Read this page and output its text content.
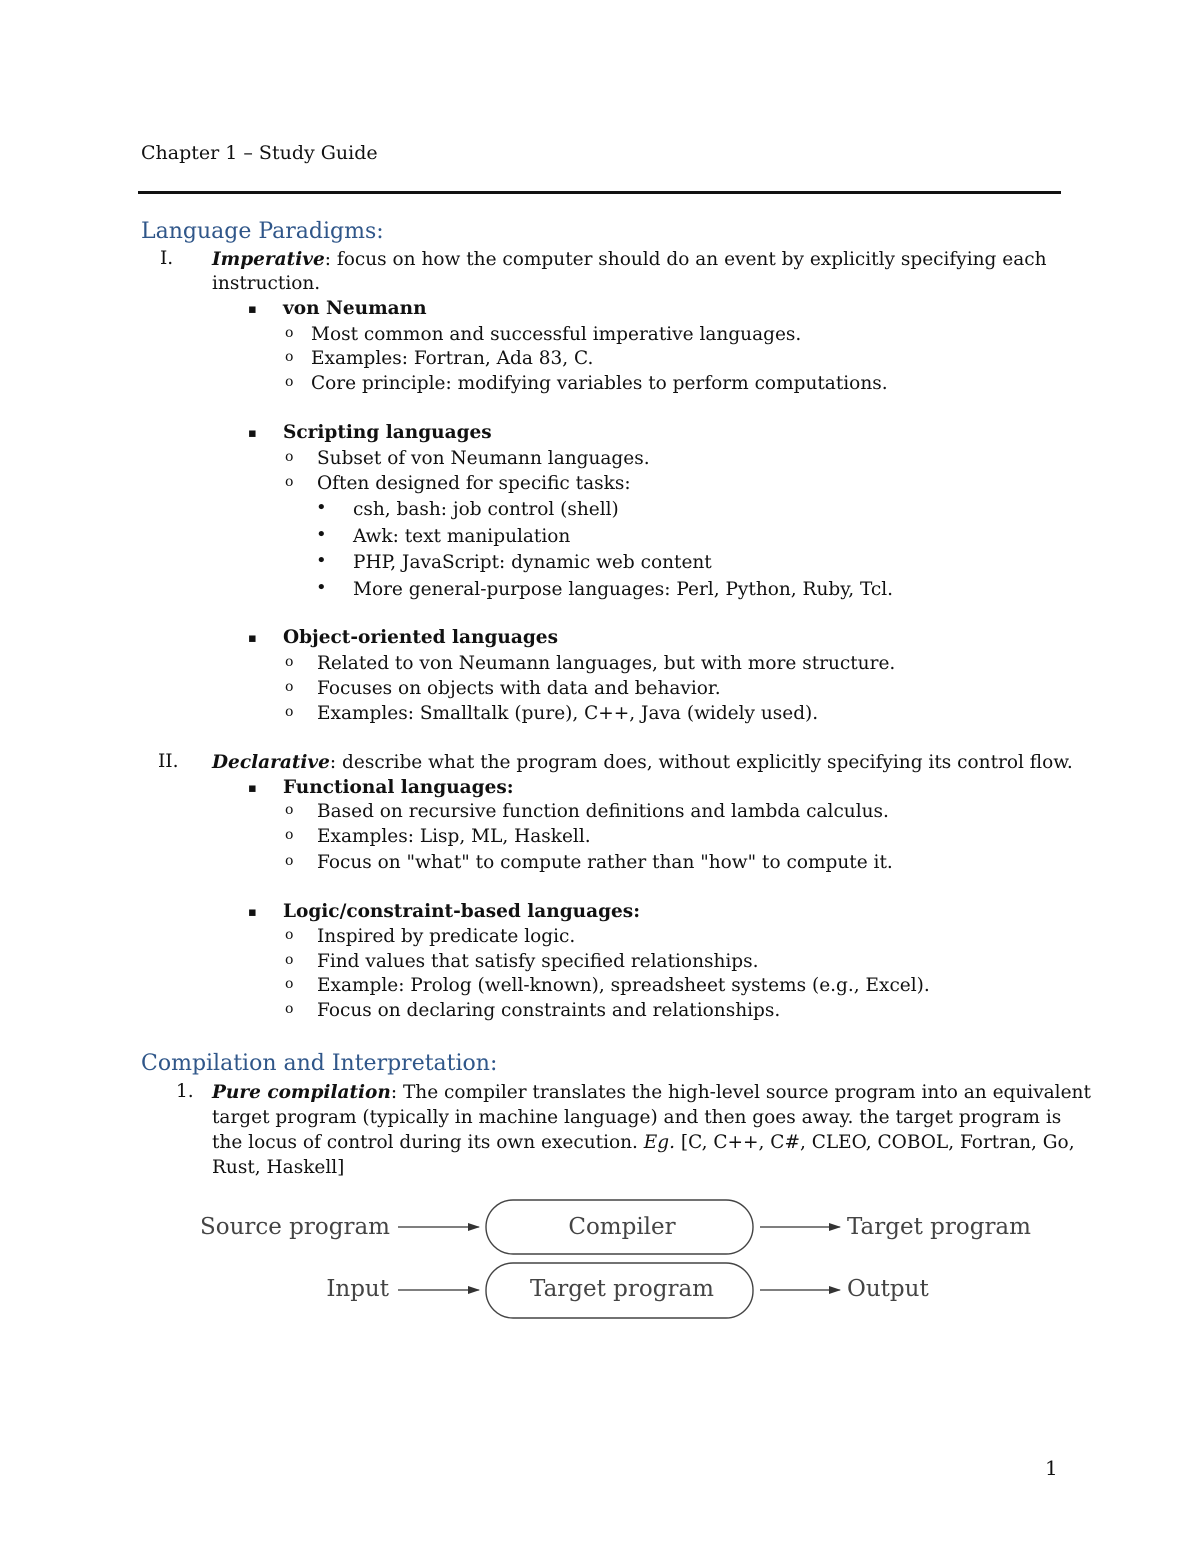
Chapter 1 – Study Guide
Language Paradigms:
I. Imperative: focus on how the computer should do an event by explicitly specifying each
instruction.
▪ von Neumann
o Most common and successful imperative languages.
o Examples: Fortran, Ada 83, C.
o Core principle: modifying variables to perform computations.
▪ Scripting languages
o Subset of von Neumann languages.
o Often designed for specific tasks:
• csh, bash: job control (shell)
• Awk: text manipulation
• PHP, JavaScript: dynamic web content
• More general-purpose languages: Perl, Python, Ruby, Tcl.
▪ Object-oriented languages
o Related to von Neumann languages, but with more structure.
o Focuses on objects with data and behavior.
o Examples: Smalltalk (pure), C++, Java (widely used).
II. Declarative: describe what the program does, without explicitly specifying its control flow.
▪ Functional languages:
o Based on recursive function definitions and lambda calculus.
o Examples: Lisp, ML, Haskell.
o Focus on "what" to compute rather than "how" to compute it.
▪ Logic/constraint-based languages:
o Inspired by predicate logic.
o Find values that satisfy specified relationships.
o Example: Prolog (well-known), spreadsheet systems (e.g., Excel).
o Focus on declaring constraints and relationships.
Compilation and Interpretation:
1. Pure compilation: The compiler translates the high-level source program into an equivalent
target program (typically in machine language) and then goes away. the target program is
the locus of control during its own execution. Eg. [C, C++, C#, CLEO, COBOL, Fortran, Go,
Rust, Haskell]
Source program	Compiler	Target program
Input	Target program	Output
1
